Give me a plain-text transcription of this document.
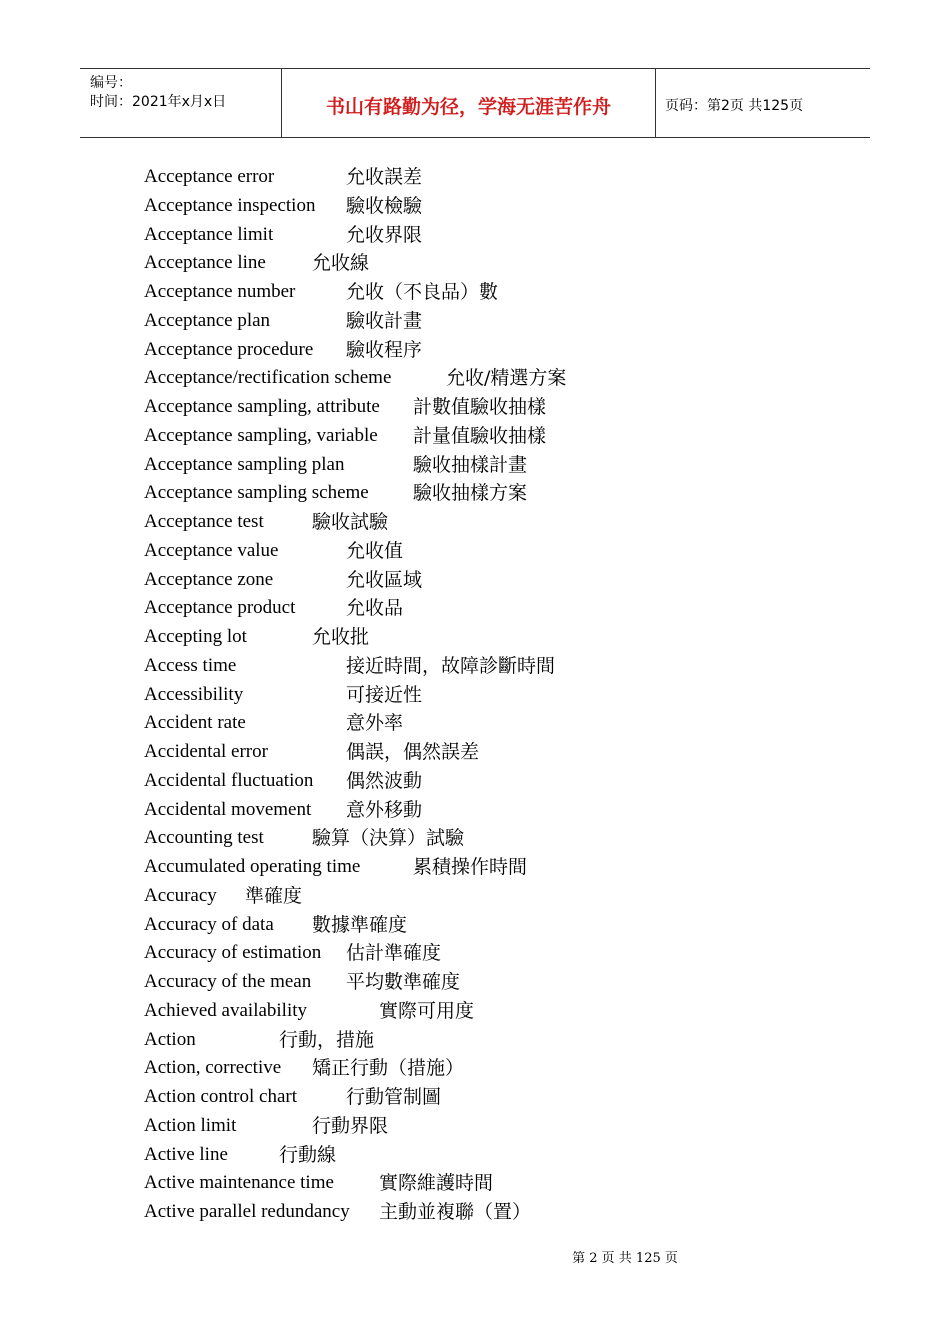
编号：
时间：2021年x月x日	书山有路勤为径，学海无涯苦作舟	页码：第2页 共125页
Acceptance error	允收誤差
Acceptance inspection 驗收檢驗
Acceptance limit	允收界限
Acceptance line 允收線
Acceptance number	允收（不良品）數
Acceptance plan	驗收計畫
Acceptance procedure 驗收程序
Acceptance/rectification scheme	允收/精選方案
Acceptance sampling, attribute 計數值驗收抽樣
Acceptance sampling, variable 計量值驗收抽樣
Acceptance sampling plan	驗收抽樣計畫
Acceptance sampling scheme 驗收抽樣方案
Acceptance test	驗收試驗
Acceptance value	允收值
Acceptance zone	允收區域
Acceptance product	允收品
Accepting lot	允收批
Access time	接近時間，故障診斷時間
Accessibility	可接近性
Accident rate	意外率
Accidental error	偶誤，偶然誤差
Accidental fluctuation 偶然波動
Accidental movement 意外移動
Accounting test	驗算（決算）試驗
Accumulated operating time	累積操作時間
Accuracy 準確度
Accuracy of data 數據準確度
Accuracy of estimation 估計準確度
Accuracy of the mean 平均數準確度
Achieved availability	實際可用度
Action	行動，措施
Action, corrective 矯正行動（措施）
Action control chart	行動管制圖
Action limit	行動界限
Active line	行動線
Active maintenance time 實際維護時間
Active parallel redundancy 主動並複聯（置）
第 2 页 共 125 页
